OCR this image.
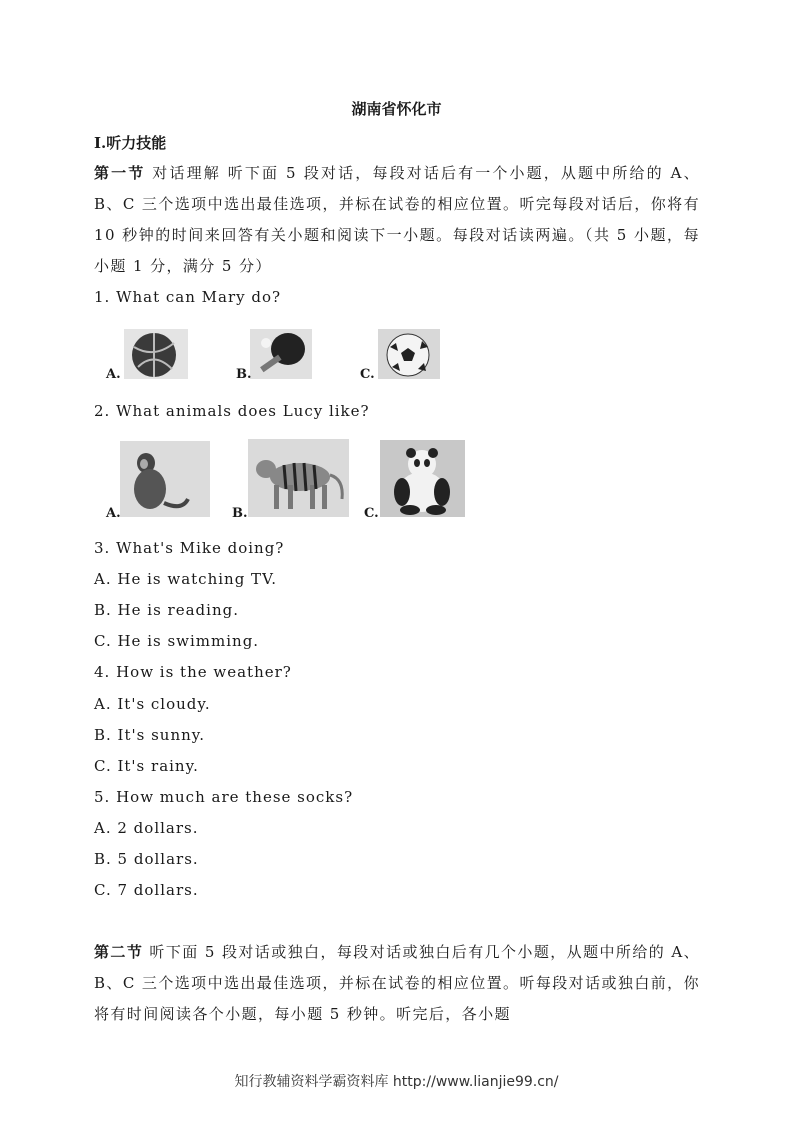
湖南省怀化市
I.听力技能
第一节 对话理解 听下面 5 段对话，每段对话后有一个小题，从题中所给的 A、B、C 三个选项中选出最佳选项，并标在试卷的相应位置。听完每段对话后，你将有 10 秒钟的时间来回答有关小题和阅读下一小题。每段对话读两遍。（共 5 小题，每小题 1 分，满分 5 分）
1. What can Mary do?
A.	B.	C.
2. What animals does Lucy like?
A.	B.	C.
3. What's Mike doing?
A. He is watching TV.
B. He is reading.
C. He is swimming.
4. How is the weather?
A. It's cloudy.
B. It's sunny.
C. It's rainy.
5. How much are these socks?
A. 2 dollars.
B. 5 dollars.
C. 7 dollars.
第二节 听下面 5 段对话或独白，每段对话或独白后有几个小题，从题中所给的 A、B、C 三个选项中选出最佳选项，并标在试卷的相应位置。听每段对话或独白前，你将有时间阅读各个小题，每小题 5 秒钟。听完后，各小题
知行教辅资料学霸资料库 http://www.lianjie99.cn/
